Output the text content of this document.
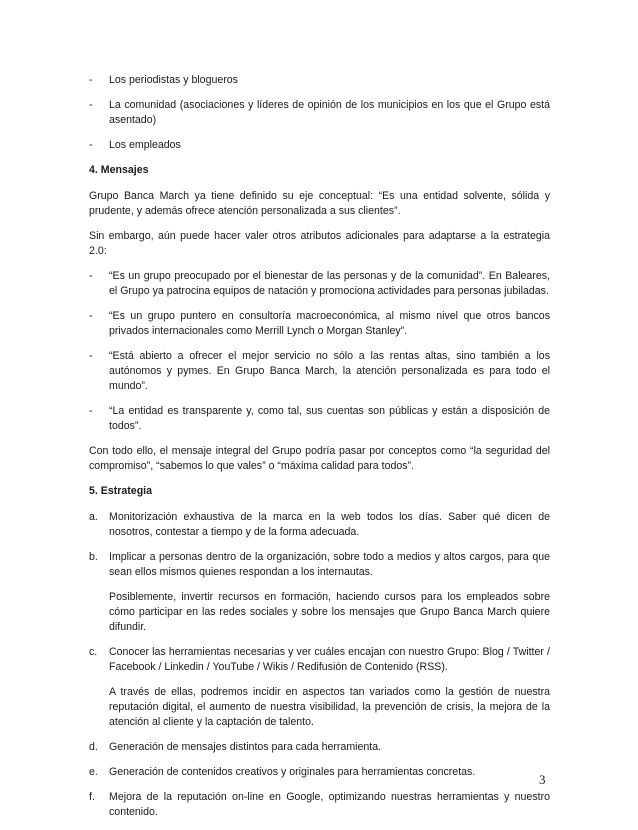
-	Los periodistas y blogueros
-	La comunidad (asociaciones y líderes de opinión de los municipios en los que el Grupo está asentado)
-	Los empleados
4. Mensajes
Grupo Banca March ya tiene definido su eje conceptual: “Es una entidad solvente, sólida y prudente, y además ofrece atención personalizada a sus clientes”.
Sin embargo, aún puede hacer valer otros atributos adicionales para adaptarse a la estrategia 2.0:
-	“Es un grupo preocupado por el bienestar de las personas y de la comunidad”. En Baleares, el Grupo ya patrocina equipos de natación y promociona actividades para personas jubiladas.
-	“Es un grupo puntero en consultoría macroeconómica, al mismo nivel que otros bancos privados internacionales como Merrill Lynch o Morgan Stanley”.
-	“Está abierto a ofrecer el mejor servicio no sólo a las rentas altas, sino también a los autónomos y pymes. En Grupo Banca March, la atención personalizada es para todo el mundo”.
-	“La entidad es transparente y, como tal, sus cuentas son públicas y están a disposición de todos”.
Con todo ello, el mensaje integral del Grupo podría pasar por conceptos como “la seguridad del compromiso”, “sabemos lo que vales” o “máxima calidad para todos”.
5. Estrategia
a.	Monitorización exhaustiva de la marca en la web todos los días. Saber qué dicen de nosotros, contestar a tiempo y de la forma adecuada.
b.	Implicar a personas dentro de la organización, sobre todo a medios y altos cargos, para que sean ellos mismos quienes respondan a los internautas.
Posiblemente, invertir recursos en formación, haciendo cursos para los empleados sobre cómo participar en las redes sociales y sobre los mensajes que Grupo Banca March quiere difundir.
c.	Conocer las herramientas necesarias y ver cuáles encajan con nuestro Grupo: Blog / Twitter / Facebook / Linkedin / YouTube / Wikis / Redifusión de Contenido (RSS).
A través de ellas, podremos incidir en aspectos tan variados como la gestión de nuestra reputación digital, el aumento de nuestra visibilidad, la prevención de crisis, la mejora de la atención al cliente y la captación de talento.
d.	Generación de mensajes distintos para cada herramienta.
e.	Generación de contenidos creativos y originales para herramientas concretas.
f.	Mejora de la reputación on-line en Google, optimizando nuestras herramientas y nuestro contenido.
3
